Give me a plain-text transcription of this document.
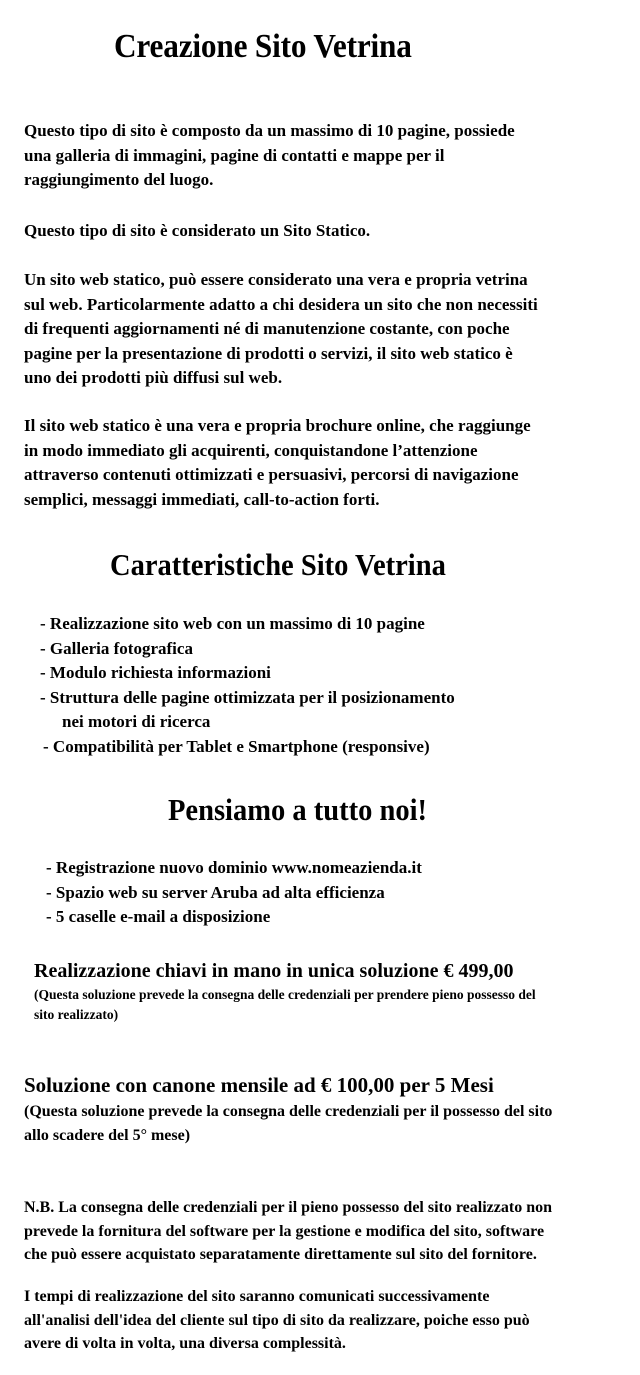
Creazione Sito Vetrina
Questo tipo di sito è composto da un massimo di 10 pagine, possiede
una galleria di immagini, pagine di contatti e mappe per il
raggiungimento del luogo.
Questo tipo di sito è considerato un Sito Statico.
Un sito web statico, può essere considerato una vera e propria vetrina
sul web. Particolarmente adatto a chi desidera un sito che non necessiti
di frequenti aggiornamenti né di manutenzione costante, con poche
pagine per la presentazione di prodotti o servizi, il sito web statico è
uno dei prodotti più diffusi sul web.
Il sito web statico è una vera e propria brochure online, che raggiunge
in modo immediato gli acquirenti, conquistandone l’attenzione
attraverso contenuti ottimizzati e persuasivi, percorsi di navigazione
semplici, messaggi immediati, call-to-action forti.
Caratteristiche Sito Vetrina
- Realizzazione sito web con un massimo di 10 pagine
- Galleria fotografica
- Modulo richiesta informazioni
- Struttura delle pagine ottimizzata per il posizionamento
nei motori di ricerca
- Compatibilità per Tablet e Smartphone (responsive)
Pensiamo a tutto noi!
- Registrazione nuovo dominio www.nomeazienda.it
- Spazio web su server Aruba ad alta efficienza
- 5 caselle e-mail a disposizione
Realizzazione chiavi in mano in unica soluzione € 499,00
(Questa soluzione prevede la consegna delle credenziali per prendere pieno possesso del
sito realizzato)
Soluzione con canone mensile ad € 100,00 per 5 Mesi
(Questa soluzione prevede la consegna delle credenziali per il possesso del sito
allo scadere del 5° mese)
N.B. La consegna delle credenziali per il pieno possesso del sito realizzato non
prevede la fornitura del software per la gestione e modifica del sito, software
che può essere acquistato separatamente direttamente sul sito del fornitore.
I tempi di realizzazione del sito saranno comunicati successivamente
all'analisi dell'idea del cliente sul tipo di sito da realizzare, poiche esso può
avere di volta in volta, una diversa complessità.
